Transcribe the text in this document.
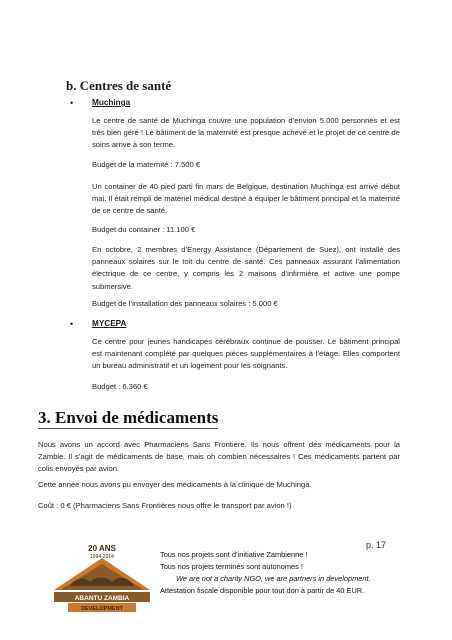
b. Centres de santé
• Muchinga
Le centre de santé de Muchinga couvre une population d’envion 5.000 personnes et est très bien géré ! Le bâtiment de la maternité est presque achevé et le projet de ce centre de soins arrive à son terme.
Budget de la maternité : 7.500 €
Un container de 40 pied parti fin mars de Belgique, destination Muchinga est arrivé début mai. Il était rempli de matériel médical destiné à équiper le bâtiment principal et la maternité de ce centre de santé.
Budget du container : 11.100 €
En octobre, 2 membres d’Energy Assistance (Département de Suez), ont installé des panneaux solaires sur le toit du centre de santé. Ces panneaux assurant l’alimentation électrique de ce centre, y compris les 2 maisons d’infirmière et active une pompe submersive.
Budget de l’installation des panneaux solaires : 5.000 €
• MYCEPA
Ce centre pour jeunes handicapés cérébraux continue de pousser. Le bâtiment principal est maintenant complété par quelques pièces supplémentaires à l’étage. Elles comportent un bureau administratif et un logement pour les soignants.
Budget : 6.360 €
3. Envoi de médicaments
Nous avons un accord avec Pharmaciens Sans Frontière. Ils nous offrent des médicaments pour la Zambie. Il s’agit de médicaments de base, mais oh combien nécessaires ! Ces médicaments partent par colis envoyés par avion.
Cette année nous avons pu envoyer des médicaments à la clinique de Muchinga.
Coût : 0 € (Pharmaciens Sans Frontières nous offre le transport par avion !)
p. 17
20 ANS
1994-2014
ABANTU ZAMBIA
DEVELOPMENT
Tous nos projets sont d’initiative Zambienne !
Tous nos projets terminés sont autonomes !
We are not a charity NGO, we are partners in development.
Attestation fiscale disponible pour tout don à partir de 40 EUR.
